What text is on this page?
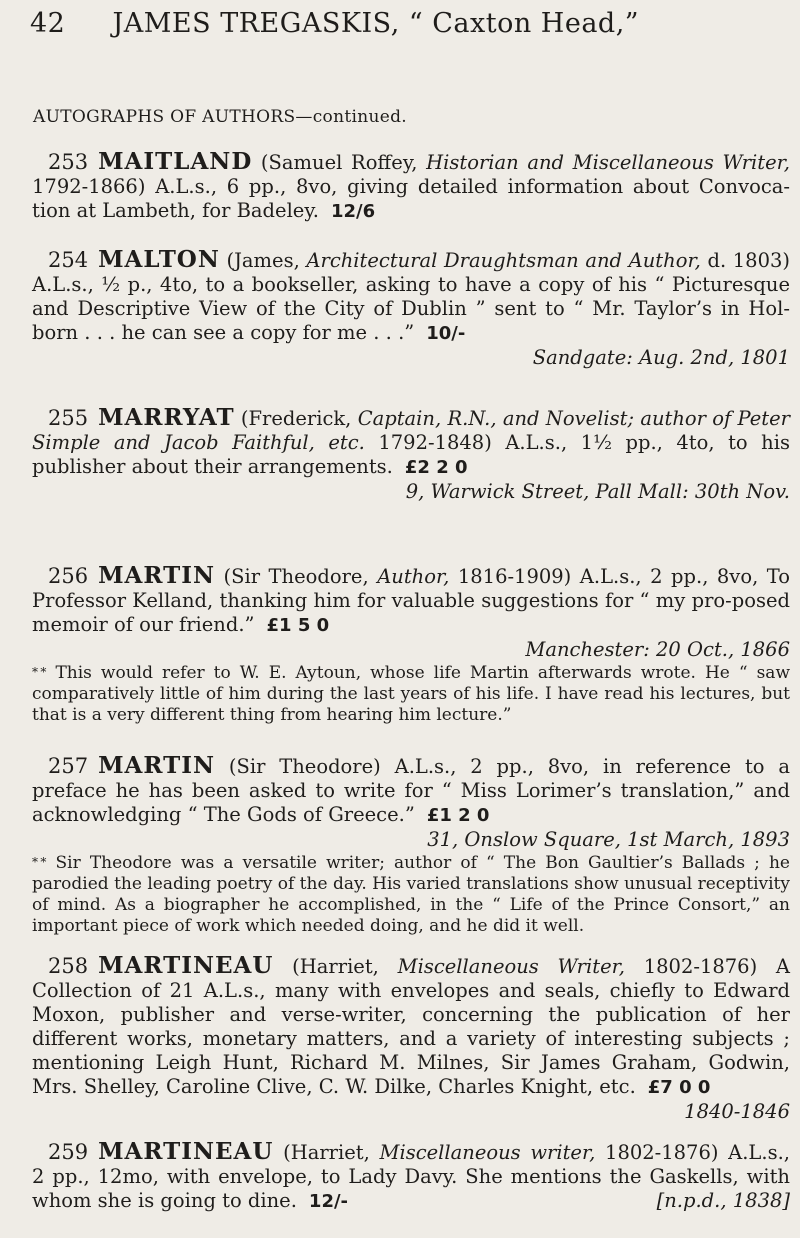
42 JAMES TREGASKIS, “ Caxton Head,”
AUTOGRAPHS OF AUTHORS—continued.

253 MAITLAND (Samuel Roffey, Historian and Miscellaneous Writer, 1792-1866) A.L.s., 6 pp., 8vo, giving detailed information about Convoca-tion at Lambeth, for Badeley. 12/6

254 MALTON (James, Architectural Draughtsman and Author, d. 1803) A.L.s., ½ p., 4to, to a bookseller, asking to have a copy of his “ Picturesque and Descriptive View of the City of Dublin ” sent to “ Mr. Taylor’s in Hol-born . . . he can see a copy for me . . .” 10/-

Sandgate: Aug. 2nd, 1801

255 MARRYAT (Frederick, Captain, R.N., and Novelist; author of Peter Simple and Jacob Faithful, etc. 1792-1848) A.L.s., 1½ pp., 4to, to his publisher about their arrangements. £2 2 0

9, Warwick Street, Pall Mall: 30th Nov.

256 MARTIN (Sir Theodore, Author, 1816-1909) A.L.s., 2 pp., 8vo, To Professor Kelland, thanking him for valuable suggestions for “ my pro-posed memoir of our friend.” £1 5 0

Manchester: 20 Oct., 1866

* * This would refer to W. E. Aytoun, whose life Martin afterwards wrote. He “ saw comparatively little of him during the last years of his life. I have read his lectures, but that is a very different thing from hearing him lecture.”

257 MARTIN (Sir Theodore) A.L.s., 2 pp., 8vo, in reference to a preface he has been asked to write for “ Miss Lorimer’s translation,” and acknowledging “ The Gods of Greece.” £1 2 0

31, Onslow Square, 1st March, 1893

* * Sir Theodore was a versatile writer; author of “ The Bon Gaultier’s Ballads ; he parodied the leading poetry of the day. His varied translations show unusual receptivity of mind. As a biographer he accomplished, in the “ Life of the Prince Consort,” an important piece of work which needed doing, and he did it well.

258 MARTINEAU (Harriet, Miscellaneous Writer, 1802-1876) A Collection of 21 A.L.s., many with envelopes and seals, chiefly to Edward Moxon, publisher and verse-writer, concerning the publication of her different works, monetary matters, and a variety of interesting subjects ; mentioning Leigh Hunt, Richard M. Milnes, Sir James Graham, Godwin, Mrs. Shelley, Caroline Clive, C. W. Dilke, Charles Knight, etc. £7 0 0

1840-1846

259 MARTINEAU (Harriet, Miscellaneous writer, 1802-1876) A.L.s., 2 pp., 12mo, with envelope, to Lady Davy. She mentions the Gaskells, with whom she is going to dine. 12/-	[n.p.d., 1838]
